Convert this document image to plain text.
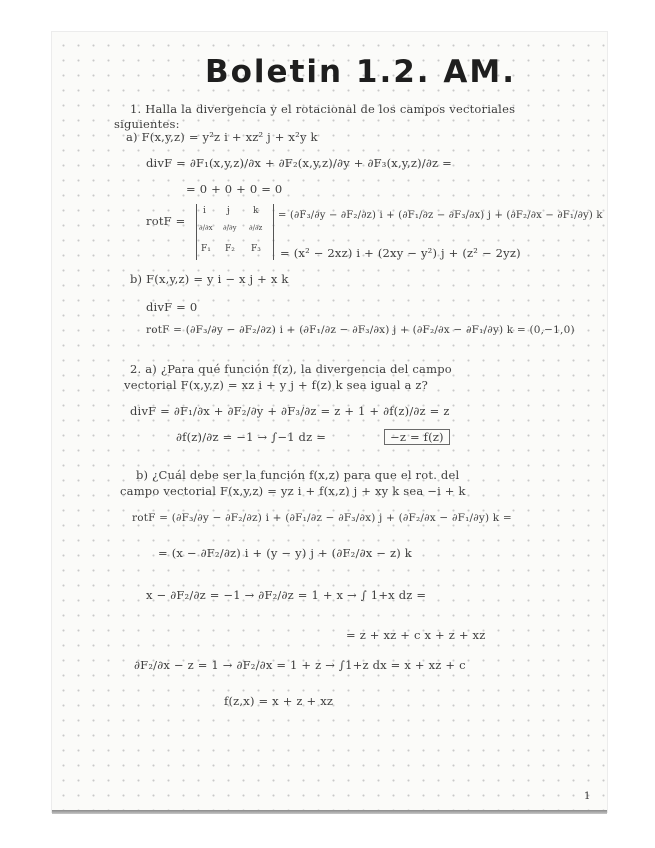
Boletin 1.2. AM.
1. Halla la divergencia y el rotacional de los campos vectoriales
siguientes:
a) F(x,y,z) = y²z i + xz² j + x²y k
divF = ∂F₁(x,y,z)/∂x + ∂F₂(x,y,z)/∂y + ∂F₃(x,y,z)/∂z =
= 0 + 0 + 0 = 0
rotF =
i j	k
∂/∂x ∂/∂y ∂/∂z
F₁ F₂ F₃
= (∂F₃/∂y − ∂F₂/∂z) i + (∂F₁/∂z − ∂F₃/∂x) j + (∂F₂/∂x − ∂F₁/∂y) k
= (x² − 2xz) i + (2xy − y²) j + (z² − 2yz)
b) F(x,y,z) = y i − x j + x k
divF = 0
rotF = (∂F₃/∂y − ∂F₂/∂z) i + (∂F₁/∂z − ∂F₃/∂x) j + (∂F₂/∂x − ∂F₁/∂y) k = (0,−1,0)
2. a) ¿Para qué función f(z), la divergencia del campo
vectorial F(x,y,z) = xz i + y j + f(z) k sea igual a z?
divF = ∂F₁/∂x + ∂F₂/∂y + ∂F₃/∂z = z + 1 + ∂f(z)/∂z = z
∂f(z)/∂z = −1 → ∫−1 dz =	−z = f(z)
b) ¿Cuál debe ser la función f(x,z) para que el rot. del
campo vectorial F(x,y,z) = yz i + f(x,z) j + xy k sea −i + k
rotF = (∂F₃/∂y − ∂F₂/∂z) i + (∂F₁/∂z − ∂F₃/∂x) j + (∂F₂/∂x − ∂F₁/∂y) k =
= (x − ∂F₂/∂z) i + (y − y) j + (∂F₂/∂x − z) k
x − ∂F₂/∂z = −1 → ∂F₂/∂z = 1 + x → ∫ 1+x dz =
= z + xz + c x + z + xz
∂F₂/∂x − z = 1 → ∂F₂/∂x = 1 + z → ∫1+z dx = x + xz + c
f(z,x) = x + z + xz
1
